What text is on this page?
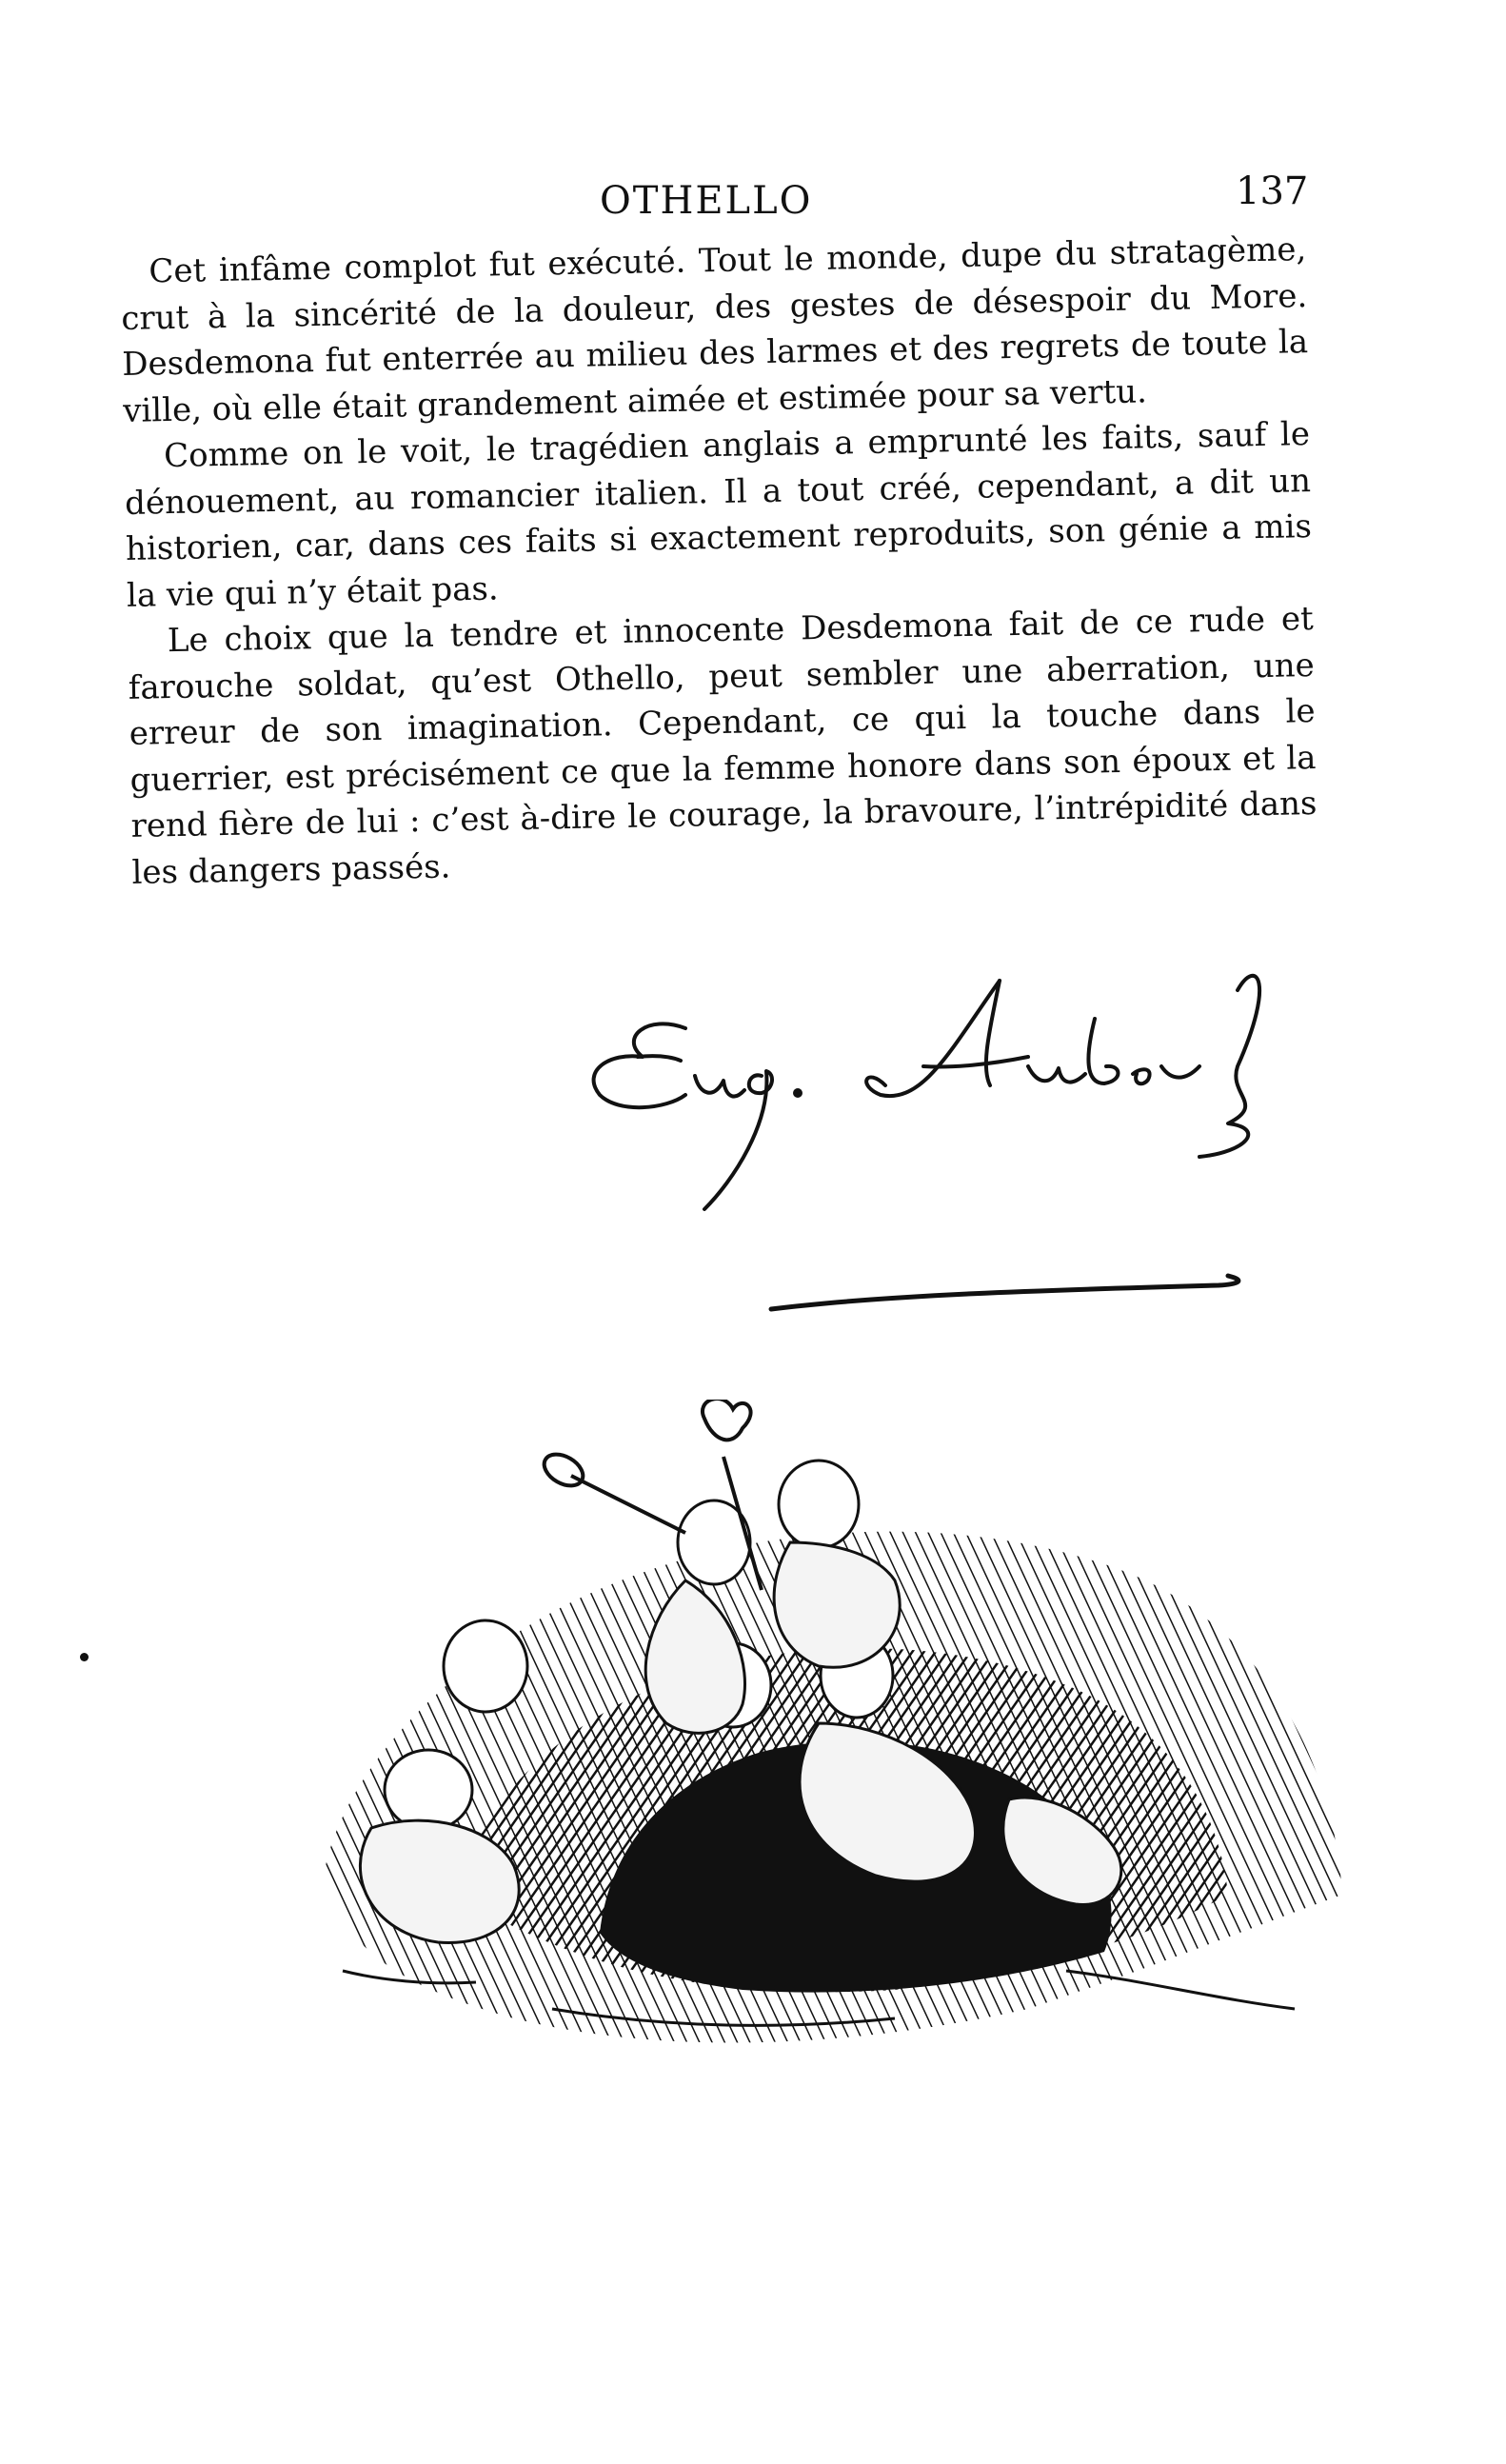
OTHELLO	137

Cet infâme complot fut exécuté. Tout le monde, dupe du stratagème, crut à la sincérité de la douleur, des gestes de désespoir du More. Desdemona fut enterrée au milieu des larmes et des regrets de toute la ville, où elle était grandement aimée et estimée pour sa vertu.

Comme on le voit, le tragédien anglais a emprunté les faits, sauf le dénouement, au romancier italien. Il a tout créé, cependant, a dit un historien, car, dans ces faits si exactement reproduits, son génie a mis la vie qui n’y était pas.

Le choix que la tendre et innocente Desdemona fait de ce rude et farouche soldat, qu’est Othello, peut sembler une aberration, une erreur de son imagination. Cependant, ce qui la touche dans le guerrier, est précisément ce que la femme honore dans son époux et la rend fière de lui : c’est à-dire le courage, la bravoure, l’intrépidité dans les dangers passés.
